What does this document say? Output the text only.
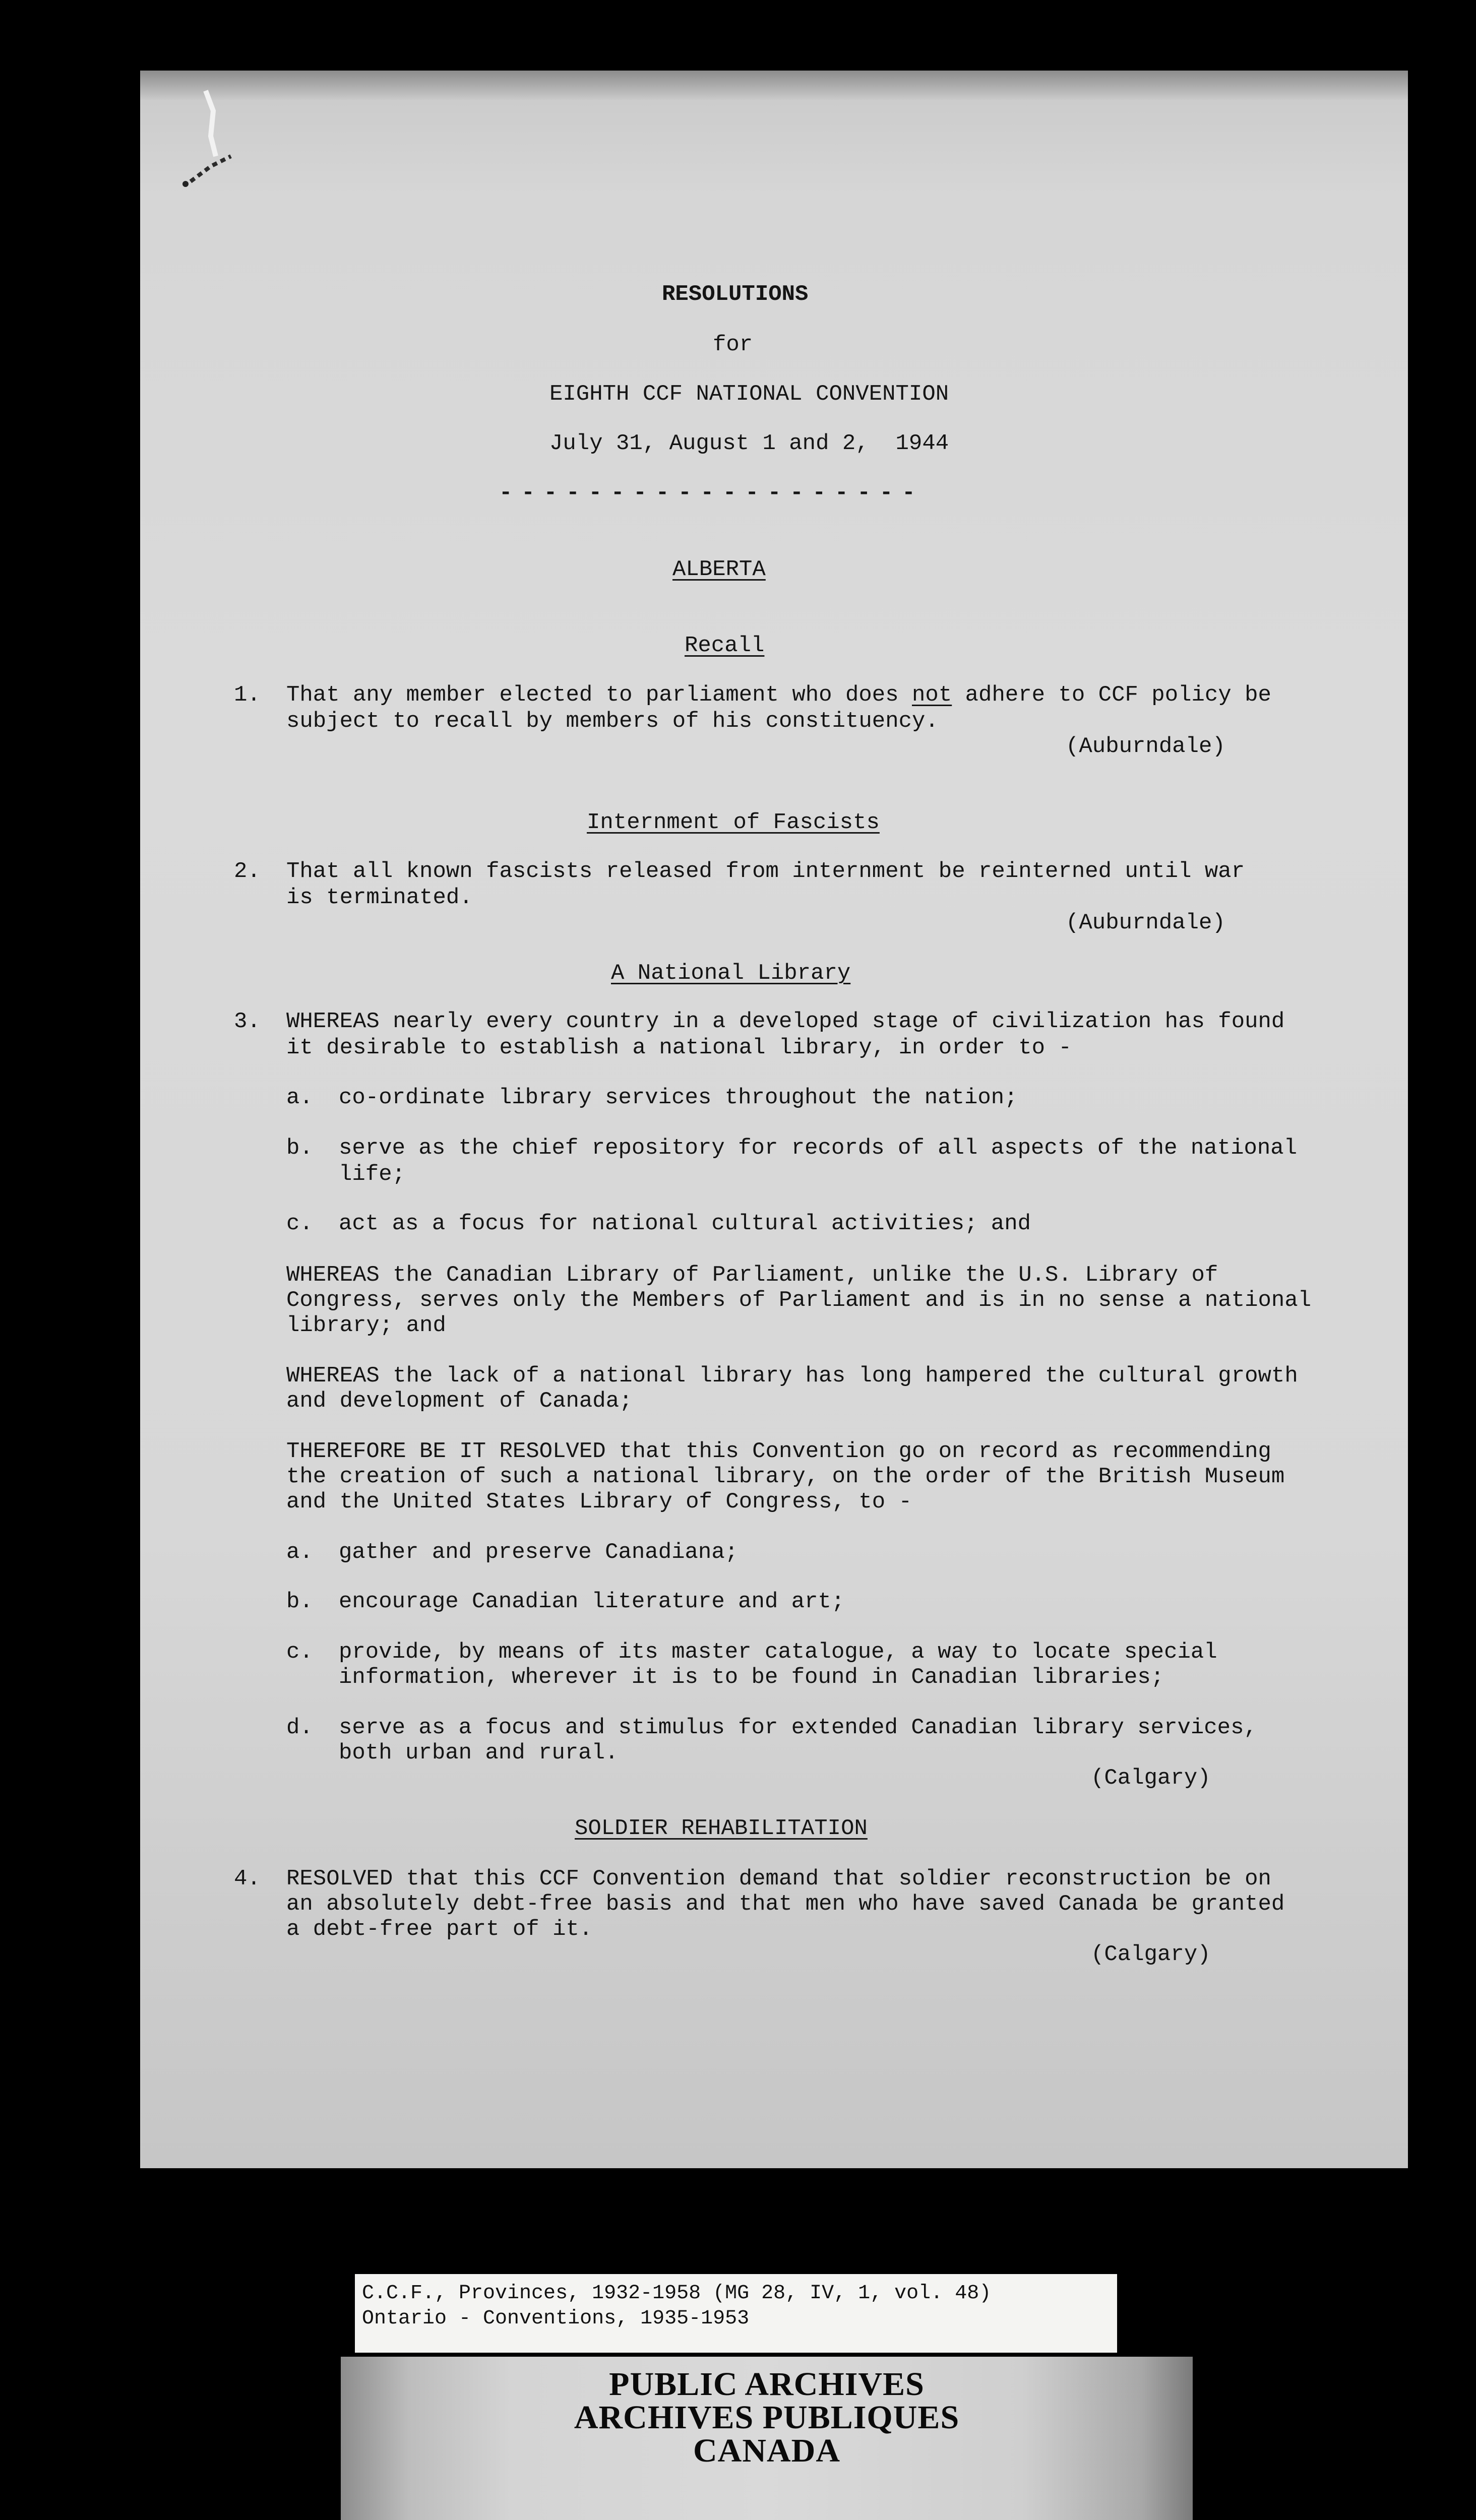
RESOLUTIONS
for
EIGHTH CCF NATIONAL CONVENTION
July 31, August 1 and 2,  1944
-------------------
ALBERTA
Recall
1. That any member elected to parliament who does not adhere to CCF policy be
subject to recall by members of his constituency.
(Auburndale)
Internment of Fascists
2. That all known fascists released from internment be reinterned until war
is terminated.
(Auburndale)
A National Library
3. WHEREAS nearly every country in a developed stage of civilization has found
it desirable to establish a national library, in order to -
a. co-ordinate library services throughout the nation;
b. serve as the chief repository for records of all aspects of the national
life;
c. act as a focus for national cultural activities; and
WHEREAS the Canadian Library of Parliament, unlike the U.S. Library of
Congress, serves only the Members of Parliament and is in no sense a national
library; and
WHEREAS the lack of a national library has long hampered the cultural growth
and development of Canada;
THEREFORE BE IT RESOLVED that this Convention go on record as recommending
the creation of such a national library, on the order of the British Museum
and the United States Library of Congress, to -
a. gather and preserve Canadiana;
b. encourage Canadian literature and art;
c. provide, by means of its master catalogue, a way to locate special
information, wherever it is to be found in Canadian libraries;
d. serve as a focus and stimulus for extended Canadian library services,
both urban and rural.
(Calgary)
SOLDIER REHABILITATION
4. RESOLVED that this CCF Convention demand that soldier reconstruction be on
an absolutely debt-free basis and that men who have saved Canada be granted
a debt-free part of it.
(Calgary)
C.C.F., Provinces, 1932-1958 (MG 28, IV, 1, vol. 48)
Ontario - Conventions, 1935-1953
PUBLIC ARCHIVES
ARCHIVES PUBLIQUES
CANADA
